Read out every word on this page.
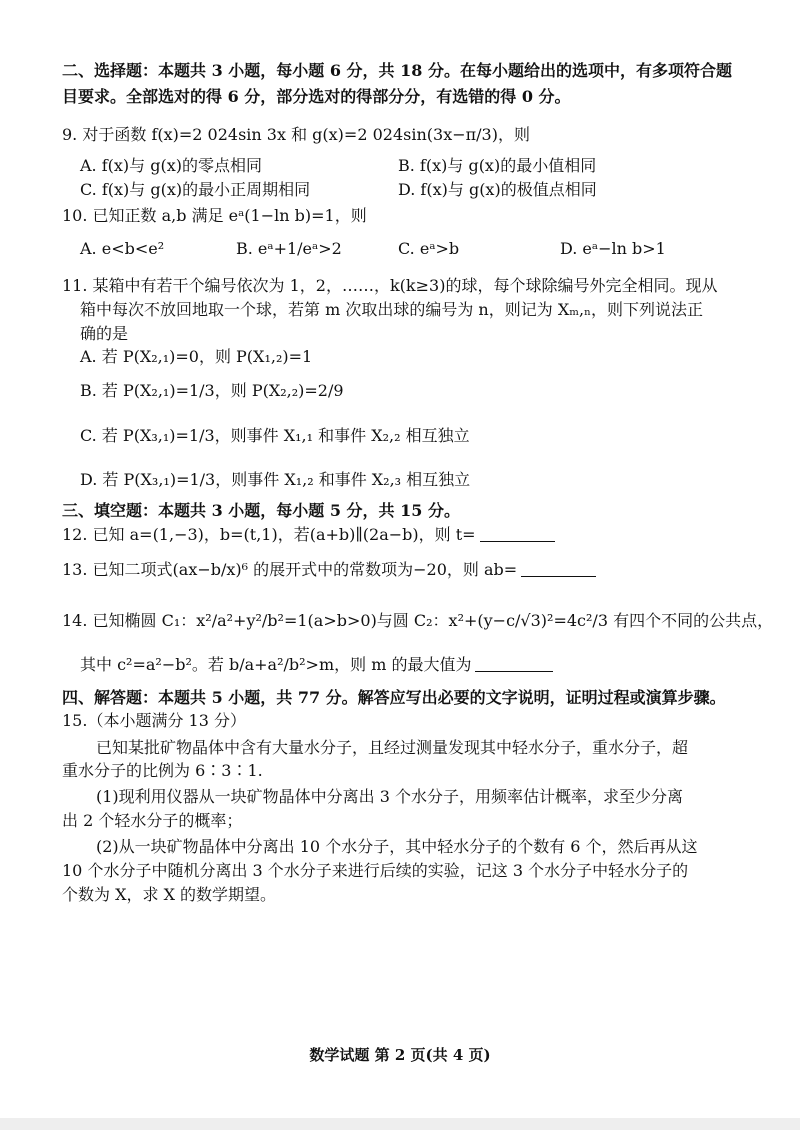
二、选择题：本题共 3 小题，每小题 6 分，共 18 分。在每小题给出的选项中，有多项符合题
目要求。全部选对的得 6 分，部分选对的得部分分，有选错的得 0 分。
9. 对于函数 f(x)=2 024sin 3x 和 g(x)=2 024sin(3x−π/3)，则
A. f(x)与 g(x)的零点相同	B. f(x)与 g(x)的最小值相同
C. f(x)与 g(x)的最小正周期相同	D. f(x)与 g(x)的极值点相同
10. 已知正数 a,b 满足 eᵃ(1−ln b)=1，则
A. e<b<e²	B. eᵃ+1/eᵃ>2	C. eᵃ>b	D. eᵃ−ln b>1
11. 某箱中有若干个编号依次为 1，2，……，k(k≥3)的球，每个球除编号外完全相同。现从
箱中每次不放回地取一个球，若第 m 次取出球的编号为 n，则记为 Xₘ,ₙ，则下列说法正
确的是
A. 若 P(X₂,₁)=0，则 P(X₁,₂)=1
B. 若 P(X₂,₁)=1/3，则 P(X₂,₂)=2/9
C. 若 P(X₃,₁)=1/3，则事件 X₁,₁ 和事件 X₂,₂ 相互独立
D. 若 P(X₃,₁)=1/3，则事件 X₁,₂ 和事件 X₂,₃ 相互独立
三、填空题：本题共 3 小题，每小题 5 分，共 15 分。
12. 已知 a=(1,−3)，b=(t,1)，若(a+b)∥(2a−b)，则 t=
13. 已知二项式(ax−b/x)⁶ 的展开式中的常数项为−20，则 ab=
14. 已知椭圆 C₁：x²/a²+y²/b²=1(a>b>0)与圆 C₂：x²+(y−c/√3)²=4c²/3 有四个不同的公共点，
其中 c²=a²−b²。若 b/a+a²/b²>m，则 m 的最大值为
四、解答题：本题共 5 小题，共 77 分。解答应写出必要的文字说明，证明过程或演算步骤。
15.（本小题满分 13 分）
已知某批矿物晶体中含有大量水分子，且经过测量发现其中轻水分子，重水分子，超
重水分子的比例为 6∶3∶1.
(1)现利用仪器从一块矿物晶体中分离出 3 个水分子，用频率估计概率，求至少分离
出 2 个轻水分子的概率；
(2)从一块矿物晶体中分离出 10 个水分子，其中轻水分子的个数有 6 个，然后再从这
10 个水分子中随机分离出 3 个水分子来进行后续的实验，记这 3 个水分子中轻水分子的
个数为 X，求 X 的数学期望。
数学试题 第 2 页(共 4 页)
